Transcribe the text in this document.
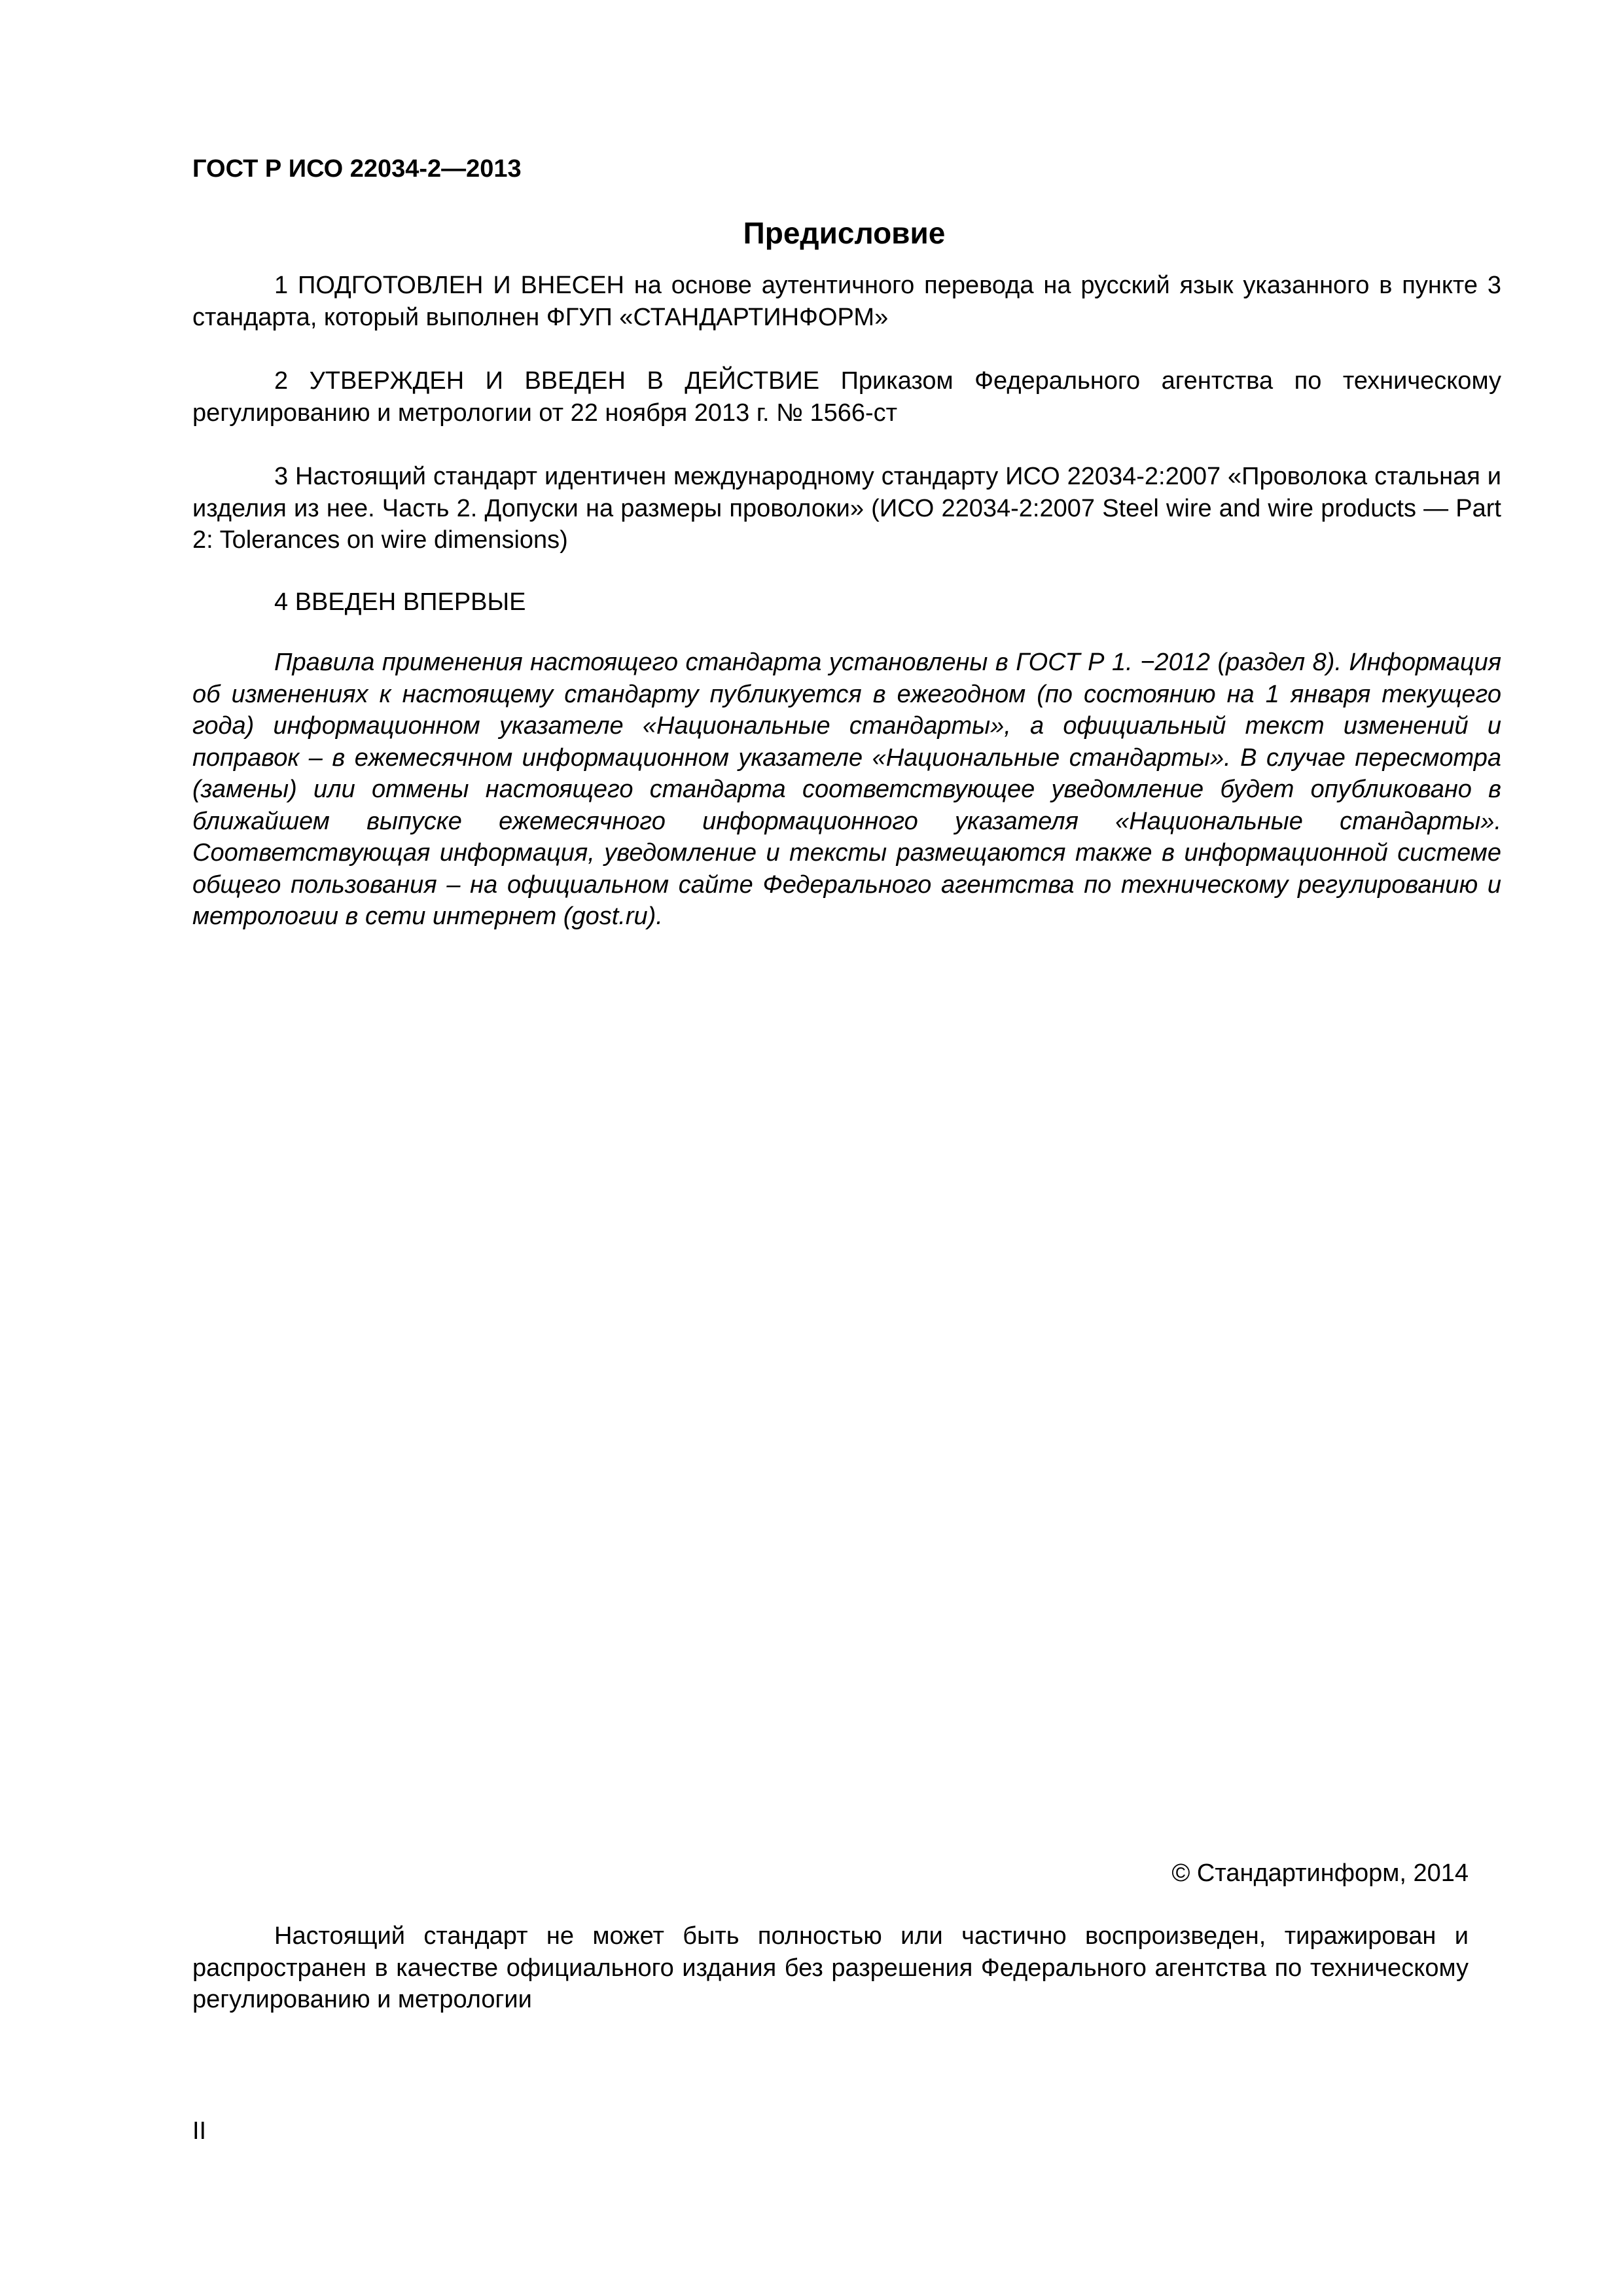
ГОСТ Р ИСО 22034-2—2013
Предисловие

1 ПОДГОТОВЛЕН И ВНЕСЕН на основе аутентичного перевода на русский язык указанного в пункте 3 стандарта, который выполнен ФГУП «СТАНДАРТИНФОРМ»

2 УТВЕРЖДЕН И ВВЕДЕН В ДЕЙСТВИЕ Приказом Федерального агентства по техническому регулированию и метрологии от 22 ноября 2013 г. № 1566-ст

3 Настоящий стандарт идентичен международному стандарту ИСО 22034-2:2007 «Проволока стальная и изделия из нее. Часть 2. Допуски на размеры проволоки» (ИСО 22034-2:2007 Steel wire and wire products — Part 2: Tolerances on wire dimensions)

4 ВВЕДЕН ВПЕРВЫЕ

Правила применения настоящего стандарта установлены в ГОСТ Р 1. −2012 (раздел 8). Информация об изменениях к настоящему стандарту публикуется в ежегодном (по состоянию на 1 января текущего года) информационном указателе «Национальные стандарты», а официальный текст изменений и поправок – в ежемесячном информационном указателе «Национальные стандарты». В случае пересмотра (замены) или отмены настоящего стандарта соответствующее уведомление будет опубликовано в ближайшем выпуске ежемесячного информационного указателя «Национальные стандарты». Соответствующая информация, уведомление и тексты размещаются также в информационной системе общего пользования – на официальном сайте Федерального агентства по техническому регулированию и метрологии в сети интернет (gost.ru).

© Стандартинформ, 2014

Настоящий стандарт не может быть полностью или частично воспроизведен, тиражирован и распространен в качестве официального издания без разрешения Федерального агентства по техническому регулированию и метрологии

II
